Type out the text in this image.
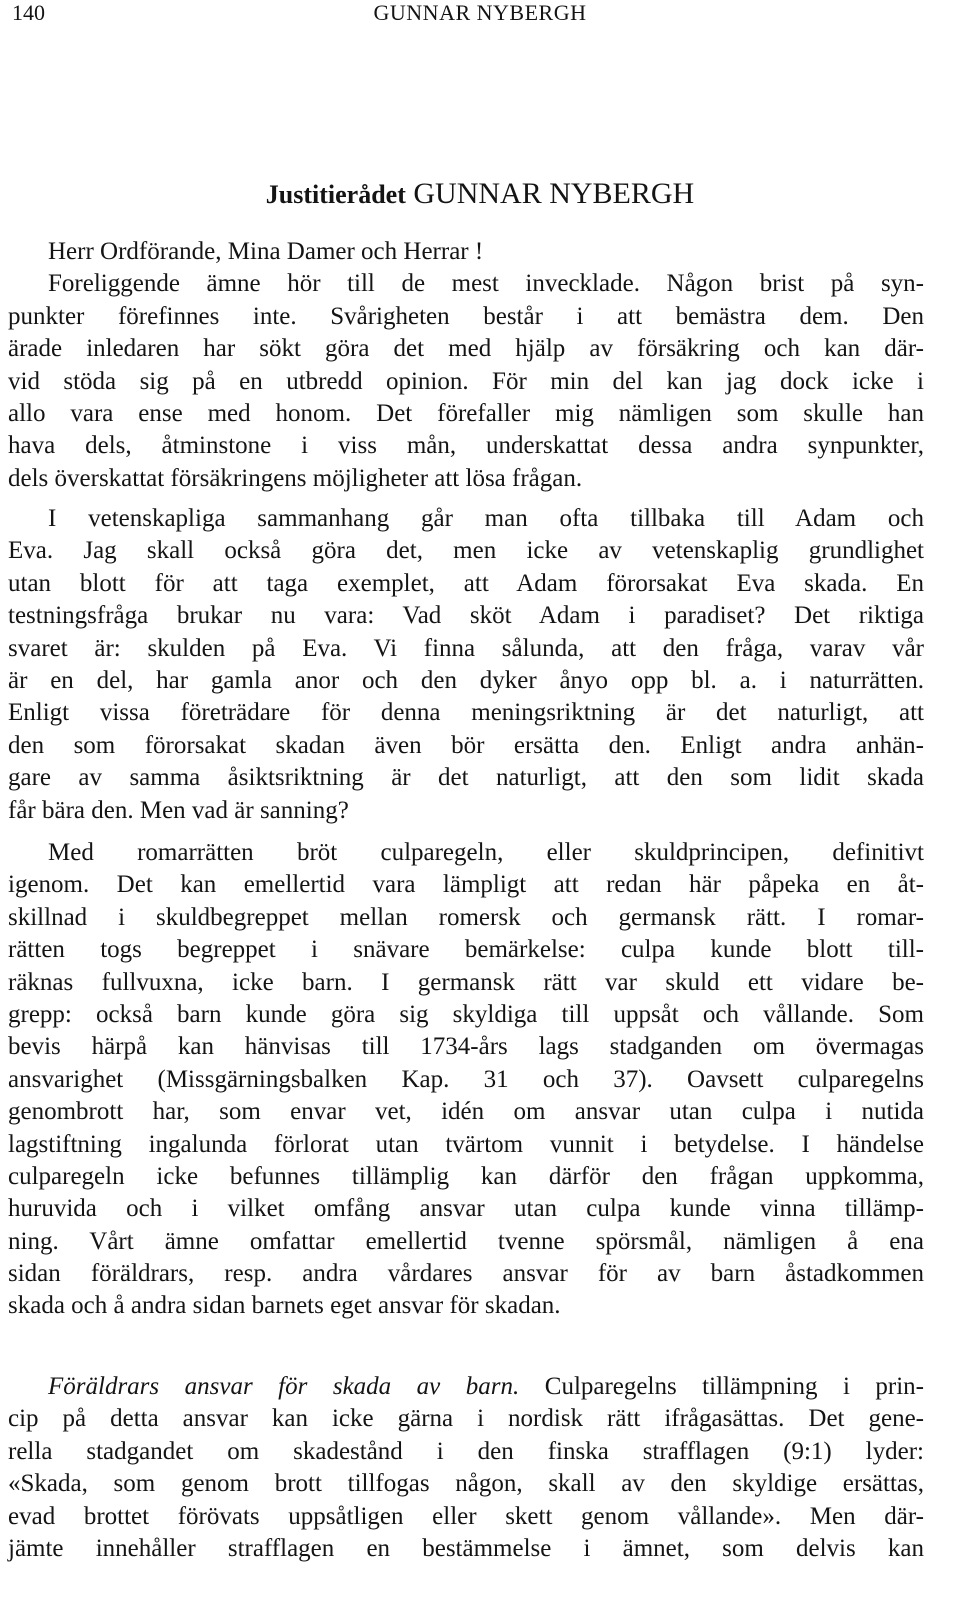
140	GUNNAR NYBERGH
Justitierådet GUNNAR NYBERGH
Herr Ordförande, Mina Damer och Herrar !
Foreliggende ämne hör till de mest invecklade. Någon brist på syn-
punkter förefinnes inte. Svårigheten består i att bemästra dem. Den
ärade inledaren har sökt göra det med hjälp av försäkring och kan där-
vid stöda sig på en utbredd opinion. För min del kan jag dock icke i
allo vara ense med honom. Det förefaller mig nämligen som skulle han
hava dels, åtminstone i viss mån, underskattat dessa andra synpunkter,
dels överskattat försäkringens möjligheter att lösa frågan.
I vetenskapliga sammanhang går man ofta tillbaka till Adam och
Eva. Jag skall också göra det, men icke av vetenskaplig grundlighet
utan blott för att taga exemplet, att Adam förorsakat Eva skada. En
testningsfråga brukar nu vara: Vad sköt Adam i paradiset? Det riktiga
svaret är: skulden på Eva. Vi finna sålunda, att den fråga, varav vår
är en del, har gamla anor och den dyker ånyo opp bl. a. i naturrätten.
Enligt vissa företrädare för denna meningsriktning är det naturligt, att
den som förorsakat skadan även bör ersätta den. Enligt andra anhän-
gare av samma åsiktsriktning är det naturligt, att den som lidit skada
får bära den. Men vad är sanning?
Med romarrätten bröt culparegeln, eller skuldprincipen, definitivt
igenom. Det kan emellertid vara lämpligt att redan här påpeka en åt-
skillnad i skuldbegreppet mellan romersk och germansk rätt. I romar-
rätten togs begreppet i snävare bemärkelse: culpa kunde blott till-
räknas fullvuxna, icke barn. I germansk rätt var skuld ett vidare be-
grepp: också barn kunde göra sig skyldiga till uppsåt och vållande. Som
bevis härpå kan hänvisas till 1734-års lags stadganden om övermagas
ansvarighet (Missgärningsbalken Kap. 31 och 37). Oavsett culparegelns
genombrott har, som envar vet, idén om ansvar utan culpa i nutida
lagstiftning ingalunda förlorat utan tvärtom vunnit i betydelse. I händelse
culparegeln icke befunnes tillämplig kan därför den frågan uppkomma,
huruvida och i vilket omfång ansvar utan culpa kunde vinna tillämp-
ning. Vårt ämne omfattar emellertid tvenne spörsmål, nämligen å ena
sidan föräldrars, resp. andra vårdares ansvar för av barn åstadkommen
skada och å andra sidan barnets eget ansvar för skadan.
Föräldrars ansvar för skada av barn. Culparegelns tillämpning i prin-
cip på detta ansvar kan icke gärna i nordisk rätt ifrågasättas. Det gene-
rella stadgandet om skadestånd i den finska strafflagen (9:1) lyder:
«Skada, som genom brott tillfogas någon, skall av den skyldige ersättas,
evad brottet förövats uppsåtligen eller skett genom vållande». Men där-
jämte innehåller strafflagen en bestämmelse i ämnet, som delvis kan
